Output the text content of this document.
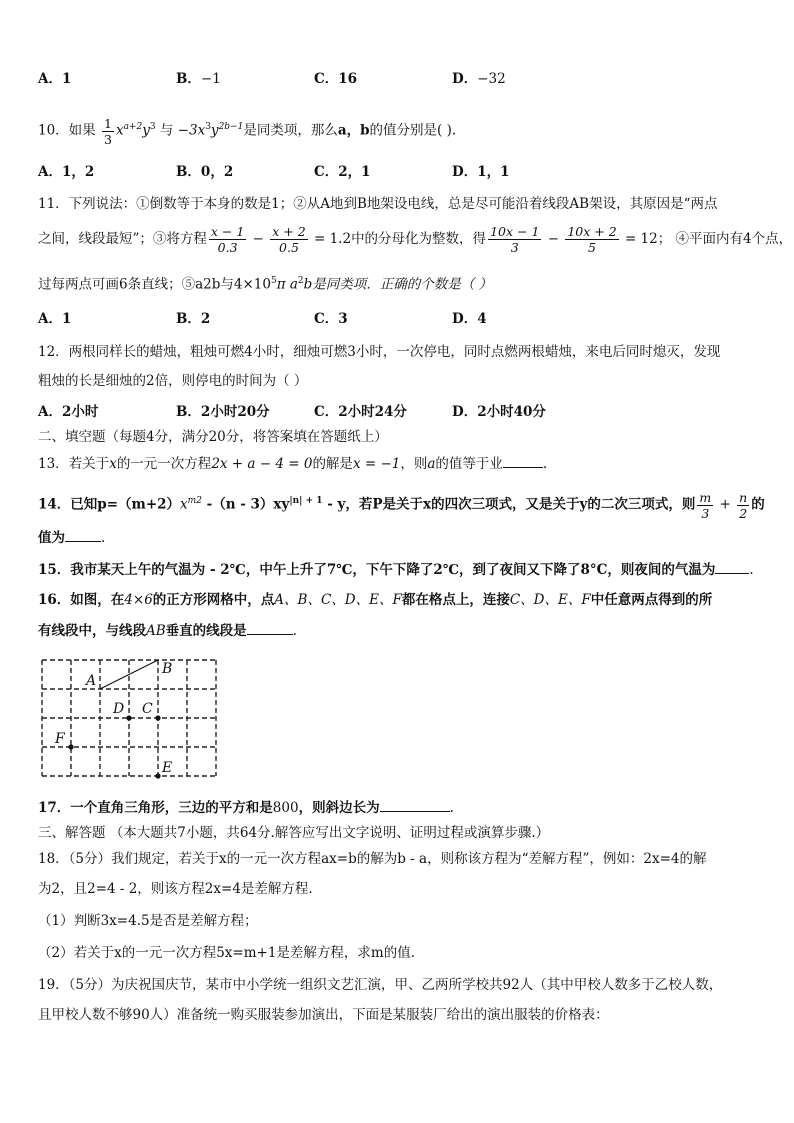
A．1	B．−1	C．16	D．−32
10．如果 $\frac{1}{3} x^{a+2}y^3$ 与 $-3x^3y^{2b-1}$是同类项，那么a，b的值分别是( ).
A．1，2	B．0，2	C．2，1	D．1，1
11．下列说法：①倒数等于本身的数是1；②从A地到B地架设电线，总是尽可能沿着线段AB架设，其原因是“两点
之间，线段最短”；③将方程 $\frac{x - 1}{0.3} - \frac{x + 2}{0.5} = 1.2$中的分母化为整数，得 $\frac{10x - 1}{3} - \frac{10x + 2}{5} = 12$； ④平面内有4个点，
过每两点可画6条直线；⑤a2b与$4\times 10^5\pi$ $a^2b$是同类项．正确的个数是（ ）
A．1	B．2	C．3	D．4
12．两根同样长的蜡烛，粗烛可燃4小时，细烛可燃3小时，一次停电，同时点燃两根蜡烛，来电后同时熄灭，发现
粗烛的长是细烛的2倍，则停电的时间为（ ）
A．2小时	B．2小时20分	C．2小时24分	D．2小时40分
二、填空题（每题4分，满分20分，将答案填在答题纸上）
13．若关于x的一元一次方程2x + a − 4 = 0的解是x = −1，则a的值等于业	.
14．已知$p=(m+2)x^{m2}$ $-(n - 3)xy^{|n| + 1}$ - y，若P是关于x的四次三项式，又是关于y的二次三项式，则 $\frac{m}{3} + \frac{n}{2}$ 的
值为	.
15．我市某天上午的气温为 - 2℃，中午上升了7℃，下午下降了2℃，到了夜间又下降了8°C，则夜间的气温为	.
16．如图，在4×6的正方形网格中，点A、B、C、D、E、F都在格点上，连接C、D、E、F中任意两点得到的所
有线段中，与线段AB垂直的线段是	.
A
B
D C
F
E
17．一个直角三角形，三边的平方和是800，则斜边长为	.
三、解答题 （本大题共7小题，共64分.解答应写出文字说明、证明过程或演算步骤.）
18．（5分）我们规定，若关于x的一元一次方程ax=b的解为b - a，则称该方程为“差解方程”，例如：2x=4的解
为2，且2=4 - 2，则该方程2x=4是差解方程.
（1）判断3x=4.5是否是差解方程；
（2）若关于x的一元一次方程5x=m+1是差解方程，求m的值.
19．（5分）为庆祝国庆节，某市中小学统一组织文艺汇演，甲、乙两所学校共92人（其中甲校人数多于乙校人数，
且甲校人数不够90人）准备统一购买服装参加演出，下面是某服装厂给出的演出服装的价格表：
